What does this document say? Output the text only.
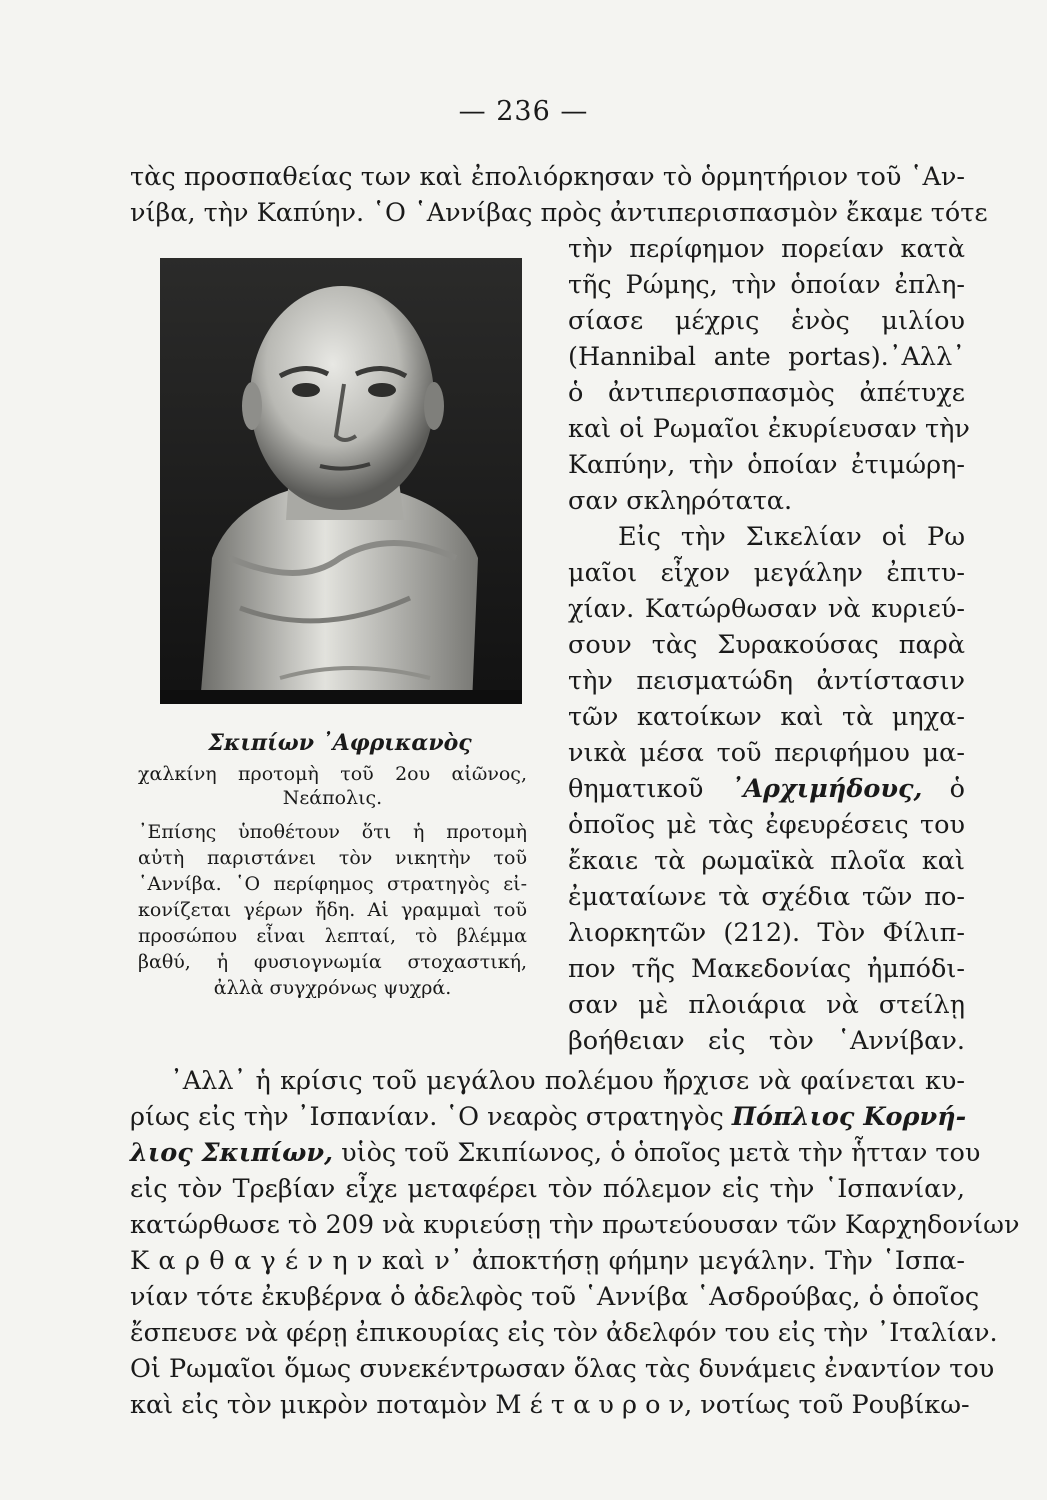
— 236 —
τὰς προσπαθείας των καὶ ἐπολιόρκησαν τὸ ὁρμητήριον τοῦ ῾Αν-
νίβα, τὴν Καπύην. ῾Ο ῾Αννίβας πρὸς ἀντιπερισπασμὸν ἔκαμε τότε
τὴν περίφημον πορείαν κατὰ
τῆς Ρώμης, τὴν ὁποίαν ἐπλη-
σίασε μέχρις ἑνὸς μιλίου
(Hannibal ante portas).᾿Αλλ᾿
ὁ ἀντιπερισπασμὸς ἀπέτυχε
καὶ οἱ Ρωμαῖοι ἐκυρίευσαν τὴν
Καπύην, τὴν ὁποίαν ἐτιμώρη-
σαν σκληρότατα.
Εἰς τὴν Σικελίαν οἱ Ρω
μαῖοι εἶχον μεγάλην ἐπιτυ-
χίαν. Κατώρθωσαν νὰ κυριεύ-
σουν τὰς Συρακούσας παρὰ
τὴν πεισματώδη ἀντίστασιν
τῶν κατοίκων καὶ τὰ μηχα-
νικὰ μέσα τοῦ περιφήμου μα-
θηματικοῦ ᾿Αρχιμήδους, ὁ
ὁποῖος μὲ τὰς ἐφευρέσεις του
ἔκαιε τὰ ρωμαϊκὰ πλοῖα καὶ
ἐματαίωνε τὰ σχέδια τῶν πο-
λιορκητῶν (212). Τὸν Φίλιπ-
πον τῆς Μακεδονίας ἠμπόδι-
σαν μὲ πλοιάρια νὰ στείλῃ
βοήθειαν εἰς τὸν ῾Αννίβαν.
Σκιπίων ᾿Αφρικανὸς
χαλκίνη προτομὴ τοῦ 2ου αἰῶνος,
Νεάπολις.
᾿Επίσης ὑποθέτουν ὅτι ἡ προτομὴ
αὐτὴ παριστάνει τὸν νικητὴν τοῦ
῾Αννίβα. ῾Ο περίφημος στρατηγὸς εἰ-
κονίζεται γέρων ἤδη. Αἱ γραμμαὶ τοῦ
προσώπου εἶναι λεπταί, τὸ βλέμμα
βαθύ, ἡ φυσιογνωμία στοχαστική,
ἀλλὰ συγχρόνως ψυχρά.
᾿Αλλ᾿ ἡ κρίσις τοῦ μεγάλου πολέμου ἤρχισε νὰ φαίνεται κυ-
ρίως εἰς τὴν ᾿Ισπανίαν. ῾Ο νεαρὸς στρατηγὸς Πόπλιος Κορνή-
λιος Σκιπίων, υἱὸς τοῦ Σκιπίωνος, ὁ ὁποῖος μετὰ τὴν ἧτταν του
εἰς τὸν Τρεβίαν εἶχε μεταφέρει τὸν πόλεμον εἰς τὴν ῾Ισπανίαν,
κατώρθωσε τὸ 209 νὰ κυριεύσῃ τὴν πρωτεύουσαν τῶν Καρχηδονίων
Κ α ρ θ α γ έ ν η ν καὶ ν᾿ ἀποκτήσῃ φήμην μεγάλην. Τὴν ῾Ισπα-
νίαν τότε ἐκυβέρνα ὁ ἀδελφὸς τοῦ ῾Αννίβα ῾Ασδρούβας, ὁ ὁποῖος
ἔσπευσε νὰ φέρῃ ἐπικουρίας εἰς τὸν ἀδελφόν του εἰς τὴν ᾿Ιταλίαν.
Οἱ Ρωμαῖοι ὅμως συνεκέντρωσαν ὅλας τὰς δυνάμεις ἐναντίον του
καὶ εἰς τὸν μικρὸν ποταμὸν Μ έ τ α υ ρ ο ν, νοτίως τοῦ Ρουβίκω-
